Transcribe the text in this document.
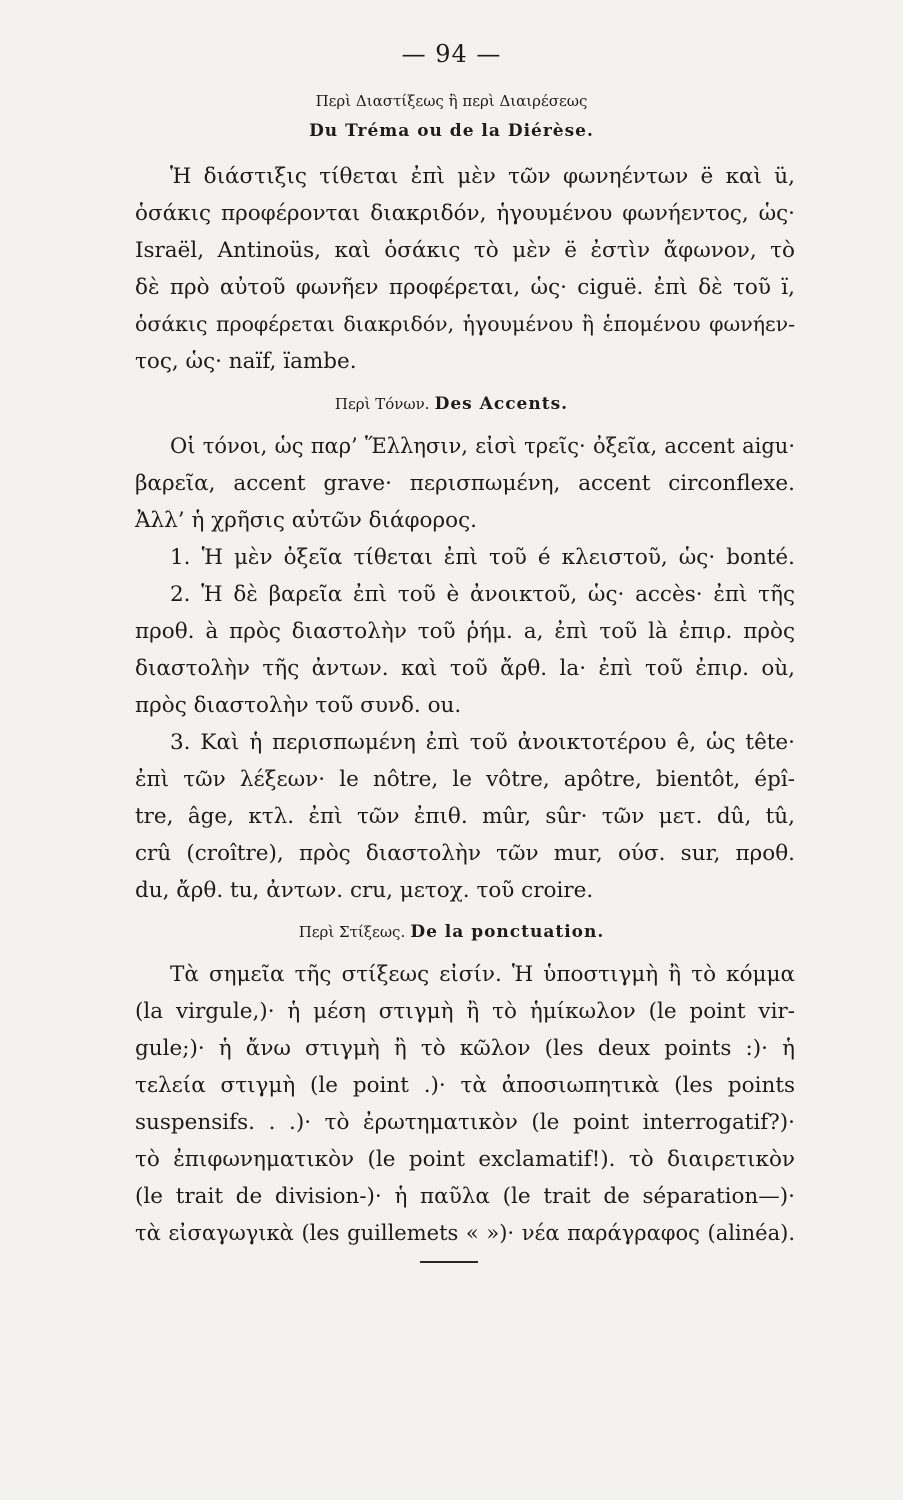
— 94 —
Περὶ Διαστίξεως ἢ περὶ Διαιρέσεως
Du Tréma ou de la Diérèse.
Ἡ διάστιξις τίθεται ἐπὶ μὲν τῶν φωνηέντων ë καὶ ü,
ὁσάκις προφέρονται διακριδόν, ἡγουμένου φωνήεντος, ὡς·
Israël, Antinoüs, καὶ ὁσάκις τὸ μὲν ë ἐστὶν ἄφωνον, τὸ
δὲ πρὸ αὐτοῦ φωνῆεν προφέρεται, ὡς· ciguë. ἐπὶ δὲ τοῦ ï,
ὁσάκις προφέρεται διακριδόν, ἡγουμένου ἢ ἑπομένου φωνήεν-
τος, ὡς· naïf, ïambe.
Περὶ Τόνων. Des Accents.
Οἱ τόνοι, ὡς παρ’ Ἕλλησιν, εἰσὶ τρεῖς· ὀξεῖα, accent aigu·
βαρεῖα, accent grave· περισπωμένη, accent circonflexe.
Ἀλλ’ ἡ χρῆσις αὐτῶν διάφορος.
1. Ἡ μὲν ὀξεῖα τίθεται ἐπὶ τοῦ é κλειστοῦ, ὡς· bonté.
2. Ἡ δὲ βαρεῖα ἐπὶ τοῦ è ἀνοικτοῦ, ὡς· accès· ἐπὶ τῆς
προθ. à πρὸς διαστολὴν τοῦ ῥήμ. a, ἐπὶ τοῦ là ἐπιρ. πρὸς
διαστολὴν τῆς ἀντων. καὶ τοῦ ἄρθ. la· ἐπὶ τοῦ ἐπιρ. où,
πρὸς διαστολὴν τοῦ συνδ. ou.
3. Καὶ ἡ περισπωμένη ἐπὶ τοῦ ἀνοικτοτέρου ê, ὡς tête·
ἐπὶ τῶν λέξεων· le nôtre, le vôtre, apôtre, bientôt, épî-
tre, âge, κτλ. ἐπὶ τῶν ἐπιθ. mûr, sûr· τῶν μετ. dû, tû,
crû (croître), πρὸς διαστολὴν τῶν mur, ούσ. sur, προθ.
du, ἄρθ. tu, ἀντων. cru, μετοχ. τοῦ croire.
Περὶ Στίξεως. De la ponctuation.
Τὰ σημεῖα τῆς στίξεως εἰσίν. Ἡ ὑποστιγμὴ ἢ τὸ κόμμα
(la virgule,)· ἡ μέση στιγμὴ ἢ τὸ ἡμίκωλον (le point vir-
gule;)· ἡ ἄνω στιγμὴ ἢ τὸ κῶλον (les deux points :)· ἡ
τελεία στιγμὴ (le point .)· τὰ ἀποσιωπητικὰ (les points
suspensifs. . .)· τὸ ἐρωτηματικὸν (le point interrogatif?)·
τὸ ἐπιφωνηματικὸν (le point exclamatif!). τὸ διαιρετικὸν
(le trait de division-)· ἡ παῦλα (le trait de séparation—)·
τὰ εἰσαγωγικὰ (les guillemets « »)· νέα παράγραφος (alinéa).
